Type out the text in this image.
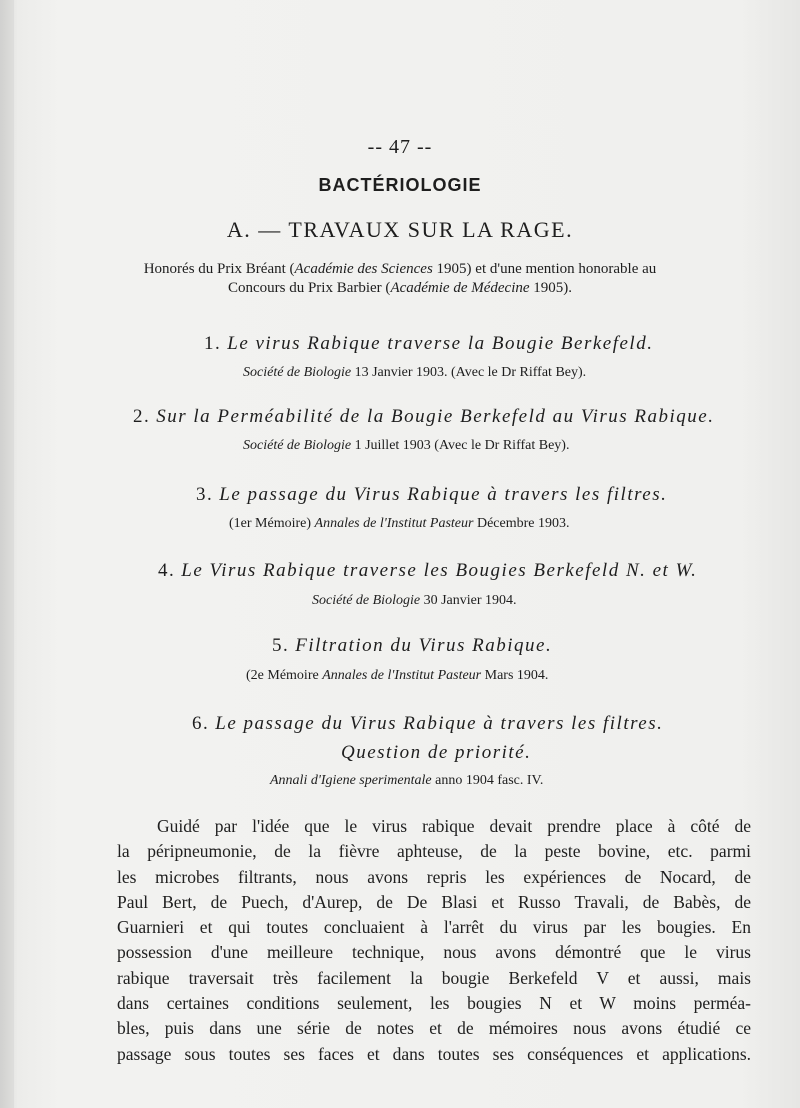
-- 47 --

BACTÉRIOLOGIE

A. — TRAVAUX SUR LA RAGE.

Honorés du Prix Bréant (Académie des Sciences 1905) et d'une mention honorable au

Concours du Prix Barbier (Académie de Médecine 1905).

1. Le virus Rabique traverse la Bougie Berkefeld.

Société de Biologie 13 Janvier 1903. (Avec le Dr Riffat Bey).

2. Sur la Perméabilité de la Bougie Berkefeld au Virus Rabique.

Société de Biologie 1 Juillet 1903 (Avec le Dr Riffat Bey).

3. Le passage du Virus Rabique à travers les filtres.

(1er Mémoire) Annales de l'Institut Pasteur Décembre 1903.

4. Le Virus Rabique traverse les Bougies Berkefeld N. et W.

Société de Biologie 30 Janvier 1904.

5. Filtration du Virus Rabique.

(2e Mémoire Annales de l'Institut Pasteur Mars 1904.

6. Le passage du Virus Rabique à travers les filtres.

Question de priorité.

Annali d'Igiene sperimentale anno 1904 fasc. IV.

Guidé par l'idée que le virus rabique devait prendre place à côté de
la péripneumonie, de la fièvre aphteuse, de la peste bovine, etc. parmi
les microbes filtrants, nous avons repris les expériences de Nocard, de
Paul Bert, de Puech, d'Aurep, de De Blasi et Russo Travali, de Babès, de
Guarnieri et qui toutes concluaient à l'arrêt du virus par les bougies. En
possession d'une meilleure technique, nous avons démontré que le virus
rabique traversait très facilement la bougie Berkefeld V et aussi, mais
dans certaines conditions seulement, les bougies N et W moins perméa-
bles, puis dans une série de notes et de mémoires nous avons étudié ce
passage sous toutes ses faces et dans toutes ses conséquences et applications.
